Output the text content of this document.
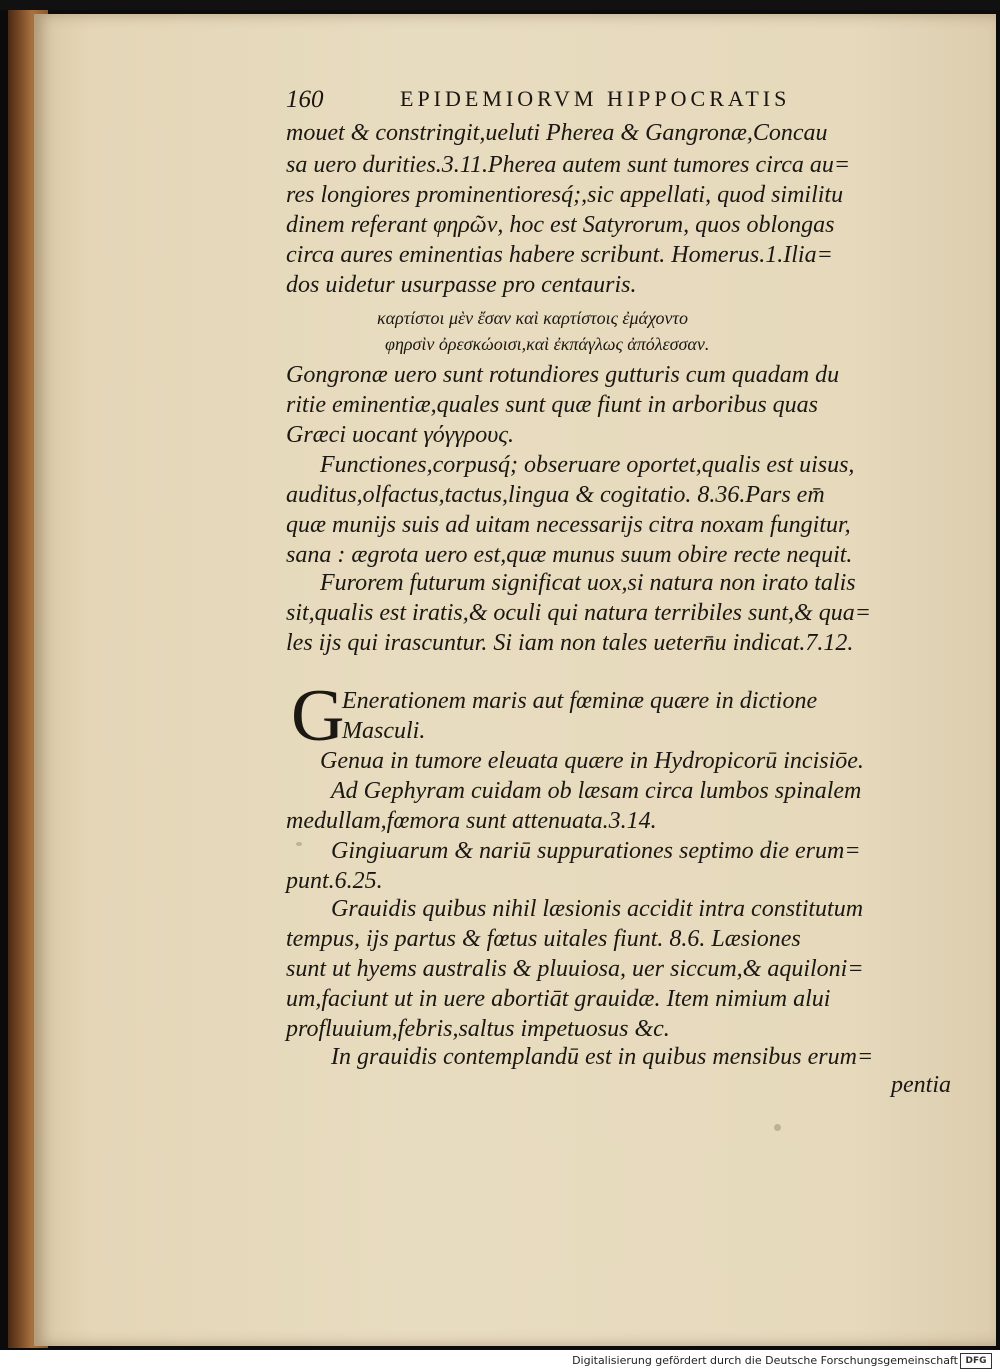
160	EPIDEMIORVM HIPPOCRATIS
mouet & constringit,ueluti Pherea & Gangronæ,Concau
sa uero durities.3.11.Pherea autem sunt tumores circa au=
res longiores prominentioresq́;,sic appellati, quod similitu
dinem referant φηρῶν, hoc est Satyrorum, quos oblongas
circa aures eminentias habere scribunt. Homerus.1.Ilia=
dos uidetur usurpasse pro centauris.
καρτίστοι μὲν ἔσαν καὶ καρτίστοις ἐμάχοντο
φηρσὶν ὀρεσκώοισι,καὶ ἐκπάγλως ἀπόλεσσαν.
Gongronæ uero sunt rotundiores gutturis cum quadam du
ritie eminentiæ,quales sunt quæ fiunt in arboribus quas
Græci uocant γόγγρους.
Functiones,corpusq́; obseruare oportet,qualis est uisus,
auditus,olfactus,tactus,lingua & cogitatio. 8.36.Pars em̄
quæ munijs suis ad uitam necessarijs citra noxam fungitur,
sana : ægrota uero est,quæ munus suum obire recte nequit.
Furorem futurum significat uox,si natura non irato talis
sit,qualis est iratis,& oculi qui natura terribiles sunt,& qua=
les ijs qui irascuntur. Si iam non tales uetern̄u indicat.7.12.
G
Enerationem maris aut fœminæ quære in dictione
Masculi.
Genua in tumore eleuata quære in Hydropicorū incisiōe.
Ad Gephyram cuidam ob læsam circa lumbos spinalem
medullam,fœmora sunt attenuata.3.14.
Gingiuarum & nariū suppurationes septimo die erum=
punt.6.25.
Grauidis quibus nihil læsionis accidit intra constitutum
tempus, ijs partus & fœtus uitales fiunt. 8.6. Læsiones
sunt ut hyems australis & pluuiosa, uer siccum,& aquiloni=
um,faciunt ut in uere abortiāt grauidæ. Item nimium alui
profluuium,febris,saltus impetuosus &c.
In grauidis contemplandū est in quibus mensibus erum=
pentia
Digitalisierung gefördert durch die Deutsche Forschungsgemeinschaft DFG
